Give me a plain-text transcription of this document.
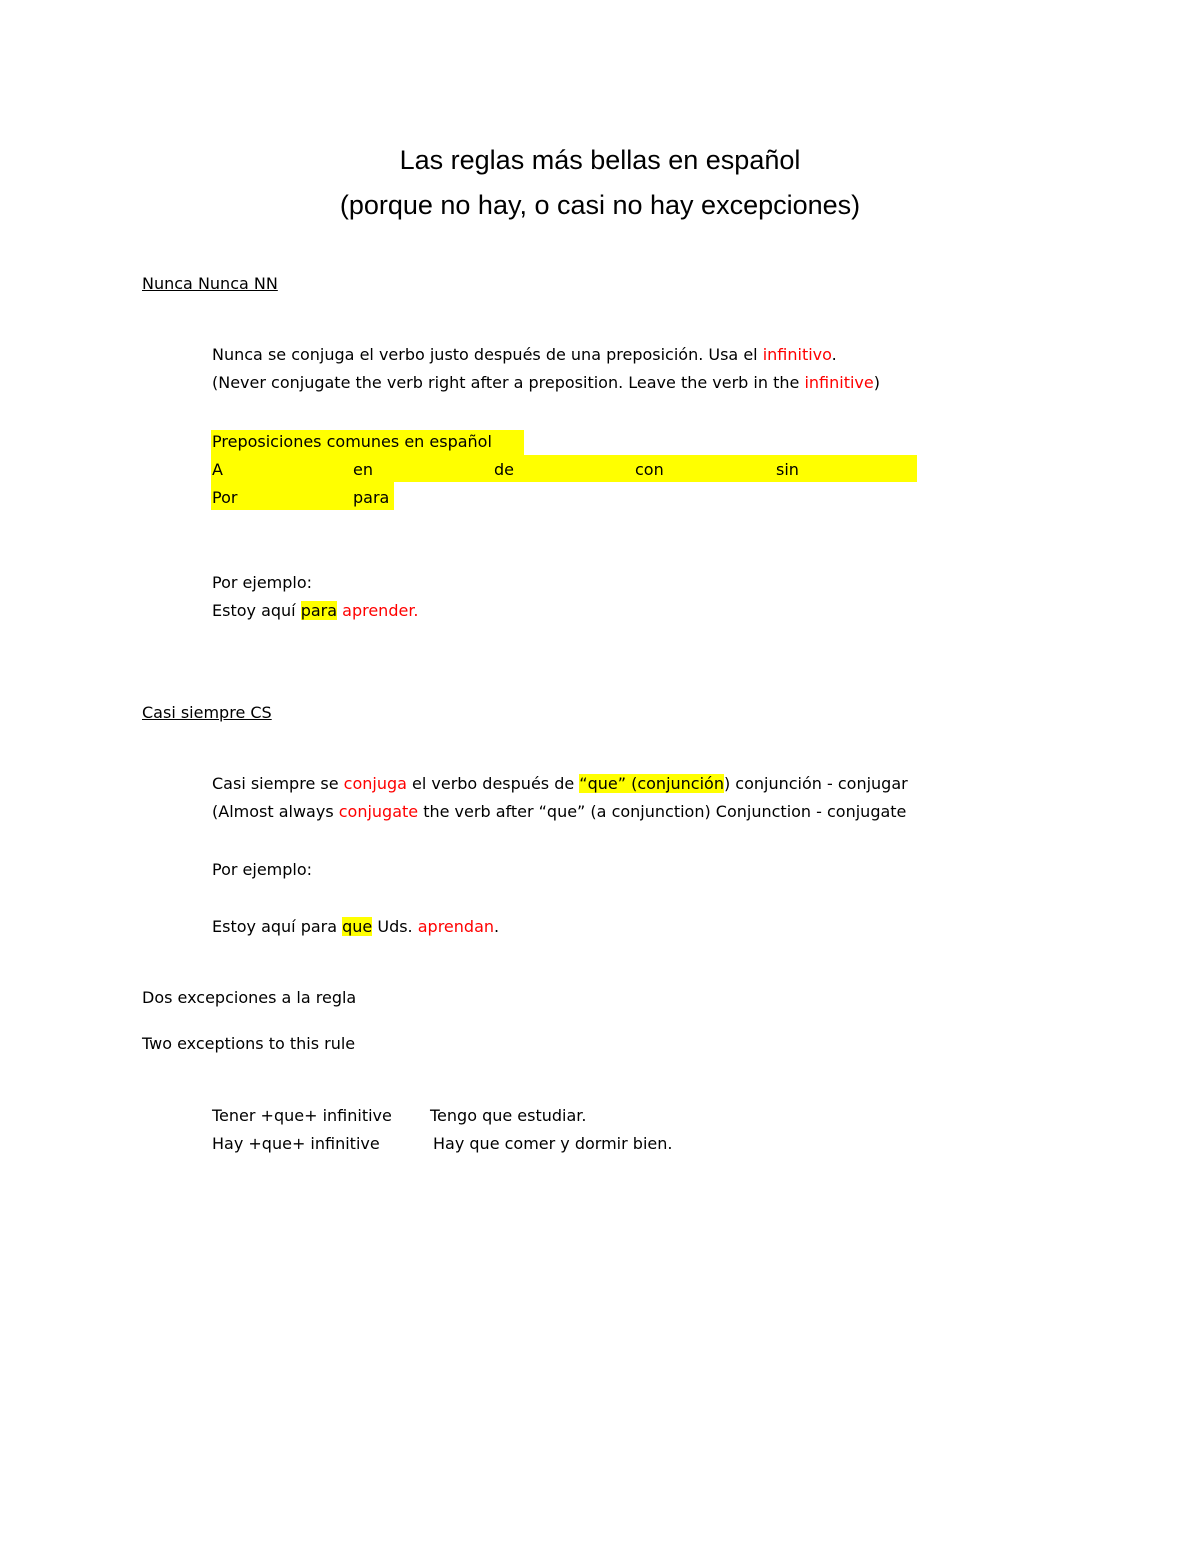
Las reglas más bellas en español
(porque no hay, o casi no hay excepciones)
Nunca Nunca NN
Nunca se conjuga el verbo justo después de una preposición. Usa el infinitivo.
(Never conjugate the verb right after a preposition. Leave the verb in the infinitive)
Preposiciones comunes en español
A	en	de	con	sin
Por	para
Por ejemplo:
Estoy aquí para aprender.
Casi siempre CS
Casi siempre se conjuga el verbo después de “que” (conjunción) conjunción - conjugar
(Almost always conjugate the verb after “que” (a conjunction) Conjunction - conjugate
Por ejemplo:
Estoy aquí para que Uds. aprendan.
Dos excepciones a la regla
Two exceptions to this rule
Tener +que+ infinitive Tengo que estudiar.
Hay +que+ infinitive	Hay que comer y dormir bien.
